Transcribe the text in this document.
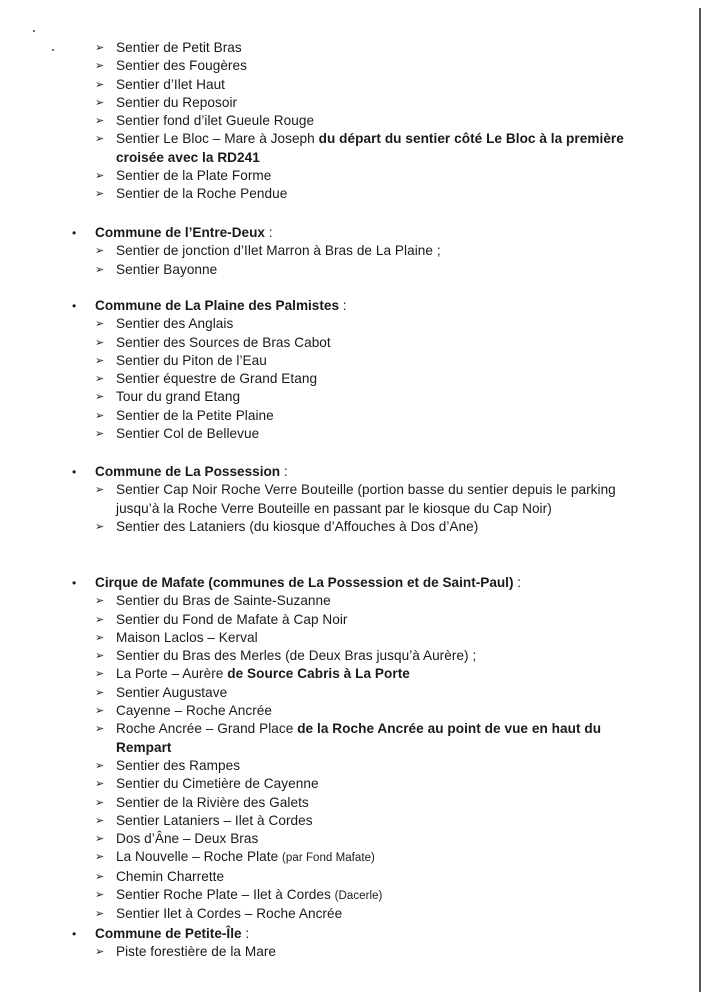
➢ Sentier de Petit Bras
➢ Sentier des Fougères
➢ Sentier d’Ilet Haut
➢ Sentier du Reposoir
➢ Sentier fond d’ilet Gueule Rouge
➢ Sentier Le Bloc – Mare à Joseph du départ du sentier côté Le Bloc à la première croisée avec la RD241
➢ Sentier de la Plate Forme
➢ Sentier de la Roche Pendue
• Commune de l’Entre-Deux :
➢ Sentier de jonction d’Ilet Marron à Bras de La Plaine ;
➢ Sentier Bayonne
• Commune de La Plaine des Palmistes :
➢ Sentier des Anglais
➢ Sentier des Sources de Bras Cabot
➢ Sentier du Piton de l’Eau
➢ Sentier équestre de Grand Etang
➢ Tour du grand Etang
➢ Sentier de la Petite Plaine
➢ Sentier Col de Bellevue
• Commune de La Possession :
➢ Sentier Cap Noir Roche Verre Bouteille (portion basse du sentier depuis le parking jusqu’à la Roche Verre Bouteille en passant par le kiosque du Cap Noir)
➢ Sentier des Lataniers (du kiosque d’Affouches à Dos d’Ane)
• Cirque de Mafate (communes de La Possession et de Saint-Paul) :
➢ Sentier du Bras de Sainte-Suzanne
➢ Sentier du Fond de Mafate à Cap Noir
➢ Maison Laclos – Kerval
➢ Sentier du Bras des Merles (de Deux Bras jusqu’à Aurère) ;
➢ La Porte – Aurère de Source Cabris à La Porte
➢ Sentier Augustave
➢ Cayenne – Roche Ancrée
➢ Roche Ancrée – Grand Place de la Roche Ancrée au point de vue en haut du Rempart
➢ Sentier des Rampes
➢ Sentier du Cimetière de Cayenne
➢ Sentier de la Rivière des Galets
➢ Sentier Lataniers – Ilet à Cordes
➢ Dos d’Âne – Deux Bras
➢ La Nouvelle – Roche Plate (par Fond Mafate)
➢ Chemin Charrette
➢ Sentier Roche Plate – Ilet à Cordes (Dacerle)
➢ Sentier Ilet à Cordes – Roche Ancrée
• Commune de Petite-Île :
➢ Piste forestière de la Mare
